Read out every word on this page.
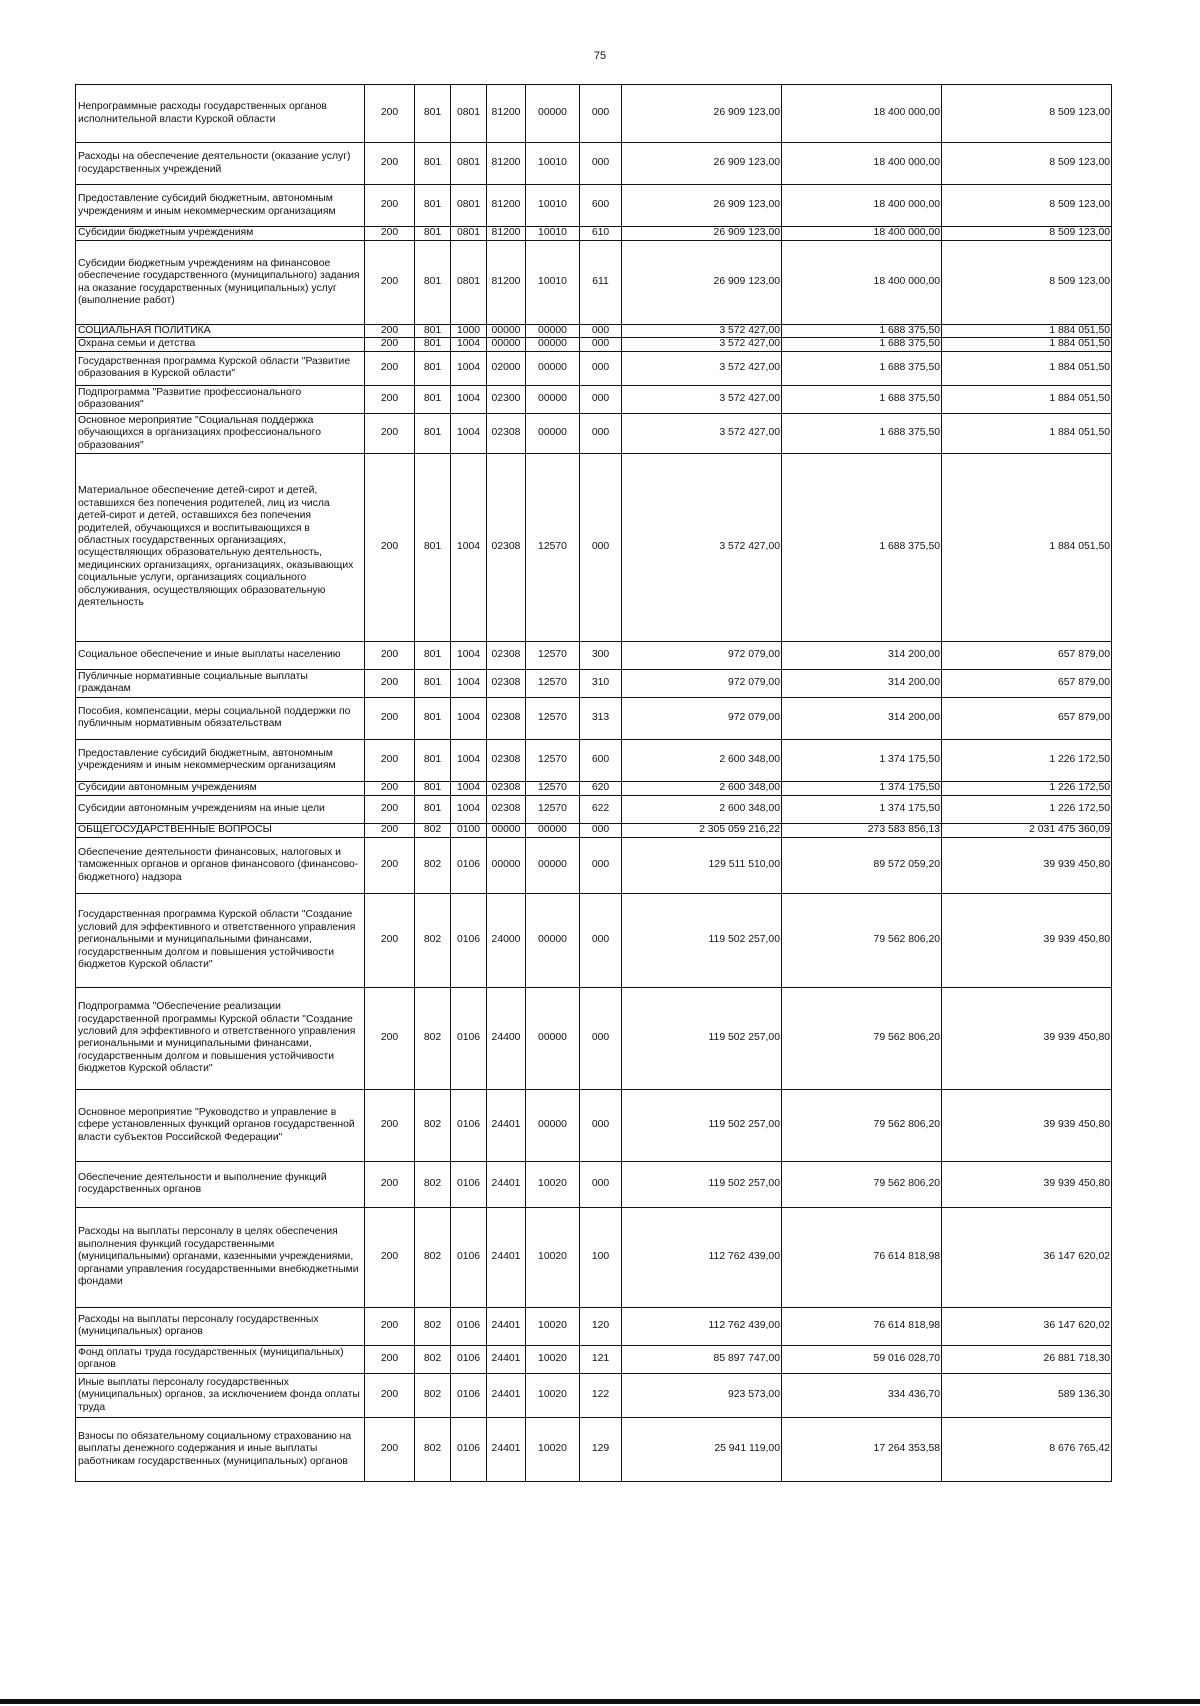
75
Непрограммные расходы государственных органов исполнительной власти Курской области	200	801	0801	81200	00000	000	26 909 123,00	18 400 000,00	8 509 123,00
Расходы на обеспечение деятельности (оказание услуг) государственных учреждений	200	801	0801	81200	10010	000	26 909 123,00	18 400 000,00	8 509 123,00
Предоставление субсидий бюджетным, автономным учреждениям и иным некоммерческим организациям	200	801	0801	81200	10010	600	26 909 123,00	18 400 000,00	8 509 123,00
Субсидии бюджетным учреждениям	200	801	0801	81200	10010	610	26 909 123,00	18 400 000,00	8 509 123,00
Субсидии бюджетным учреждениям на финансовое обеспечение государственного (муниципального) задания на оказание государственных (муниципальных) услуг (выполнение работ)	200	801	0801	81200	10010	611	26 909 123,00	18 400 000,00	8 509 123,00
СОЦИАЛЬНАЯ ПОЛИТИКА	200	801	1000	00000	00000	000	3 572 427,00	1 688 375,50	1 884 051,50
Охрана семьи и детства	200	801	1004	00000	00000	000	3 572 427,00	1 688 375,50	1 884 051,50
Государственная программа Курской области "Развитие образования в Курской области"	200	801	1004	02000	00000	000	3 572 427,00	1 688 375,50	1 884 051,50
Подпрограмма "Развитие профессионального образования"	200	801	1004	02300	00000	000	3 572 427,00	1 688 375,50	1 884 051,50
Основное мероприятие "Социальная поддержка обучающихся в организациях профессионального образования"	200	801	1004	02308	00000	000	3 572 427,00	1 688 375,50	1 884 051,50
Материальное обеспечение детей-сирот и детей, оставшихся без попечения родителей, лиц из числа детей-сирот и детей, оставшихся без попечения родителей, обучающихся и воспитывающихся в областных государственных организациях, осуществляющих образовательную деятельность, медицинских организациях, организациях, оказывающих социальные услуги, организациях социального обслуживания, осуществляющих образовательную деятельность	200	801	1004	02308	12570	000	3 572 427,00	1 688 375,50	1 884 051,50
Социальное обеспечение и иные выплаты населению	200	801	1004	02308	12570	300	972 079,00	314 200,00	657 879,00
Публичные нормативные социальные выплаты гражданам	200	801	1004	02308	12570	310	972 079,00	314 200,00	657 879,00
Пособия, компенсации, меры социальной поддержки по публичным нормативным обязательствам	200	801	1004	02308	12570	313	972 079,00	314 200,00	657 879,00
Предоставление субсидий бюджетным, автономным учреждениям и иным некоммерческим организациям	200	801	1004	02308	12570	600	2 600 348,00	1 374 175,50	1 226 172,50
Субсидии автономным учреждениям	200	801	1004	02308	12570	620	2 600 348,00	1 374 175,50	1 226 172,50
Субсидии автономным учреждениям на иные цели	200	801	1004	02308	12570	622	2 600 348,00	1 374 175,50	1 226 172,50
ОБЩЕГОСУДАРСТВЕННЫЕ ВОПРОСЫ	200	802	0100	00000	00000	000	2 305 059 216,22	273 583 856,13	2 031 475 360,09
Обеспечение деятельности финансовых, налоговых и таможенных органов и органов финансового (финансово-бюджетного) надзора	200	802	0106	00000	00000	000	129 511 510,00	89 572 059,20	39 939 450,80
Государственная программа Курской области "Создание условий для эффективного и ответственного управления региональными и муниципальными финансами, государственным долгом и повышения устойчивости бюджетов Курской области"	200	802	0106	24000	00000	000	119 502 257,00	79 562 806,20	39 939 450,80
Подпрограмма "Обеспечение реализации государственной программы Курской области "Создание условий для эффективного и ответственного управления региональными и муниципальными финансами, государственным долгом и повышения устойчивости бюджетов Курской области"	200	802	0106	24400	00000	000	119 502 257,00	79 562 806,20	39 939 450,80
Основное мероприятие "Руководство и управление в сфере установленных функций органов государственной власти субъектов Российской Федерации"	200	802	0106	24401	00000	000	119 502 257,00	79 562 806,20	39 939 450,80
Обеспечение деятельности и выполнение функций государственных органов	200	802	0106	24401	10020	000	119 502 257,00	79 562 806,20	39 939 450,80
Расходы на выплаты персоналу в целях обеспечения выполнения функций государственными (муниципальными) органами, казенными учреждениями, органами управления государственными внебюджетными фондами	200	802	0106	24401	10020	100	112 762 439,00	76 614 818,98	36 147 620,02
Расходы на выплаты персоналу государственных (муниципальных) органов	200	802	0106	24401	10020	120	112 762 439,00	76 614 818,98	36 147 620,02
Фонд оплаты труда государственных (муниципальных) органов	200	802	0106	24401	10020	121	85 897 747,00	59 016 028,70	26 881 718,30
Иные выплаты персоналу государственных (муниципальных) органов, за исключением фонда оплаты труда	200	802	0106	24401	10020	122	923 573,00	334 436,70	589 136,30
Взносы по обязательному социальному страхованию на выплаты денежного содержания и иные выплаты работникам государственных (муниципальных) органов	200	802	0106	24401	10020	129	25 941 119,00	17 264 353,58	8 676 765,42
